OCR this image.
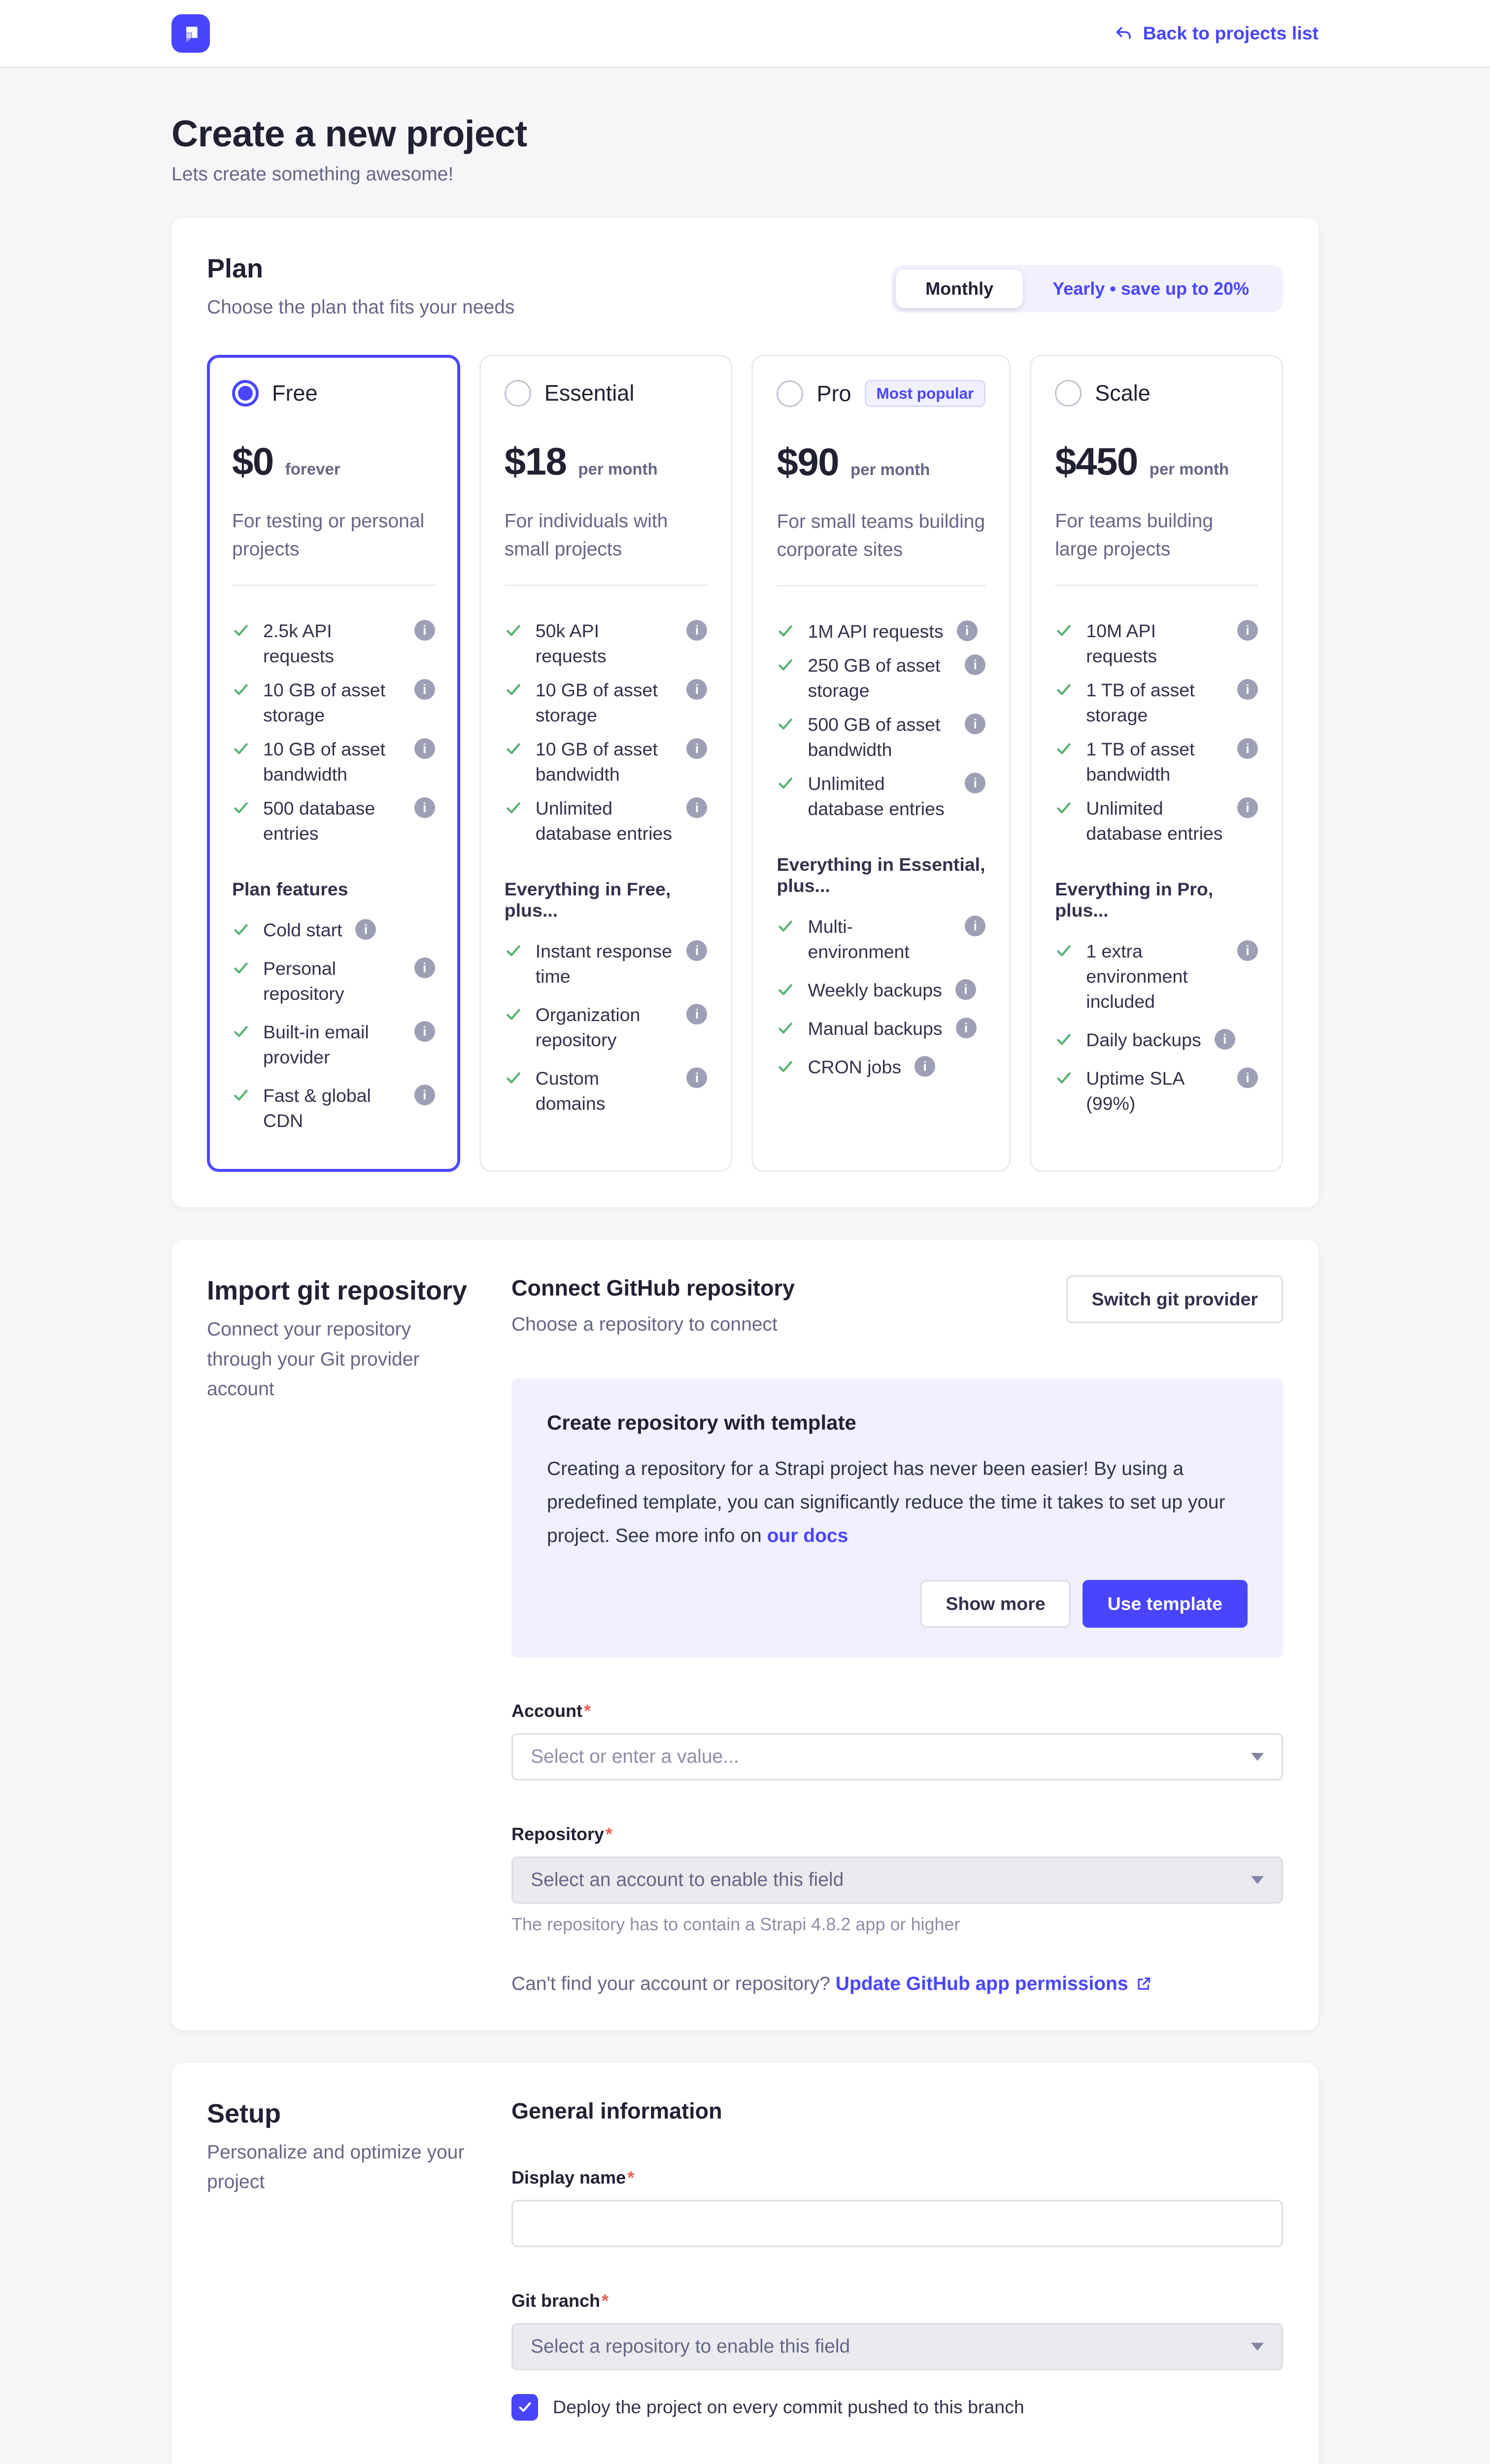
Back to projects list
Create a new project

Lets create something awesome!

Plan

Choose the plan that fits your needs

Monthly	Yearly • save up to 20%
Free
$0 forever
For testing or personal projects
2.5k API requests
i
10 GB of asset storage
i
10 GB of asset bandwidth
i
500 database entries
i
Plan features
Cold start
i
Personal repository
i
Built-in email provider
i
Fast & global CDN
i
Essential
$18 per month
For individuals with small projects
50k API requests
i
10 GB of asset storage
i
10 GB of asset bandwidth
i
Unlimited database entries
i
Everything in Free, plus...
Instant response time
i
Organization repository
i
Custom domains
i
Pro	Most popular
$90 per month
For small teams building corporate sites
1M API requests
i
250 GB of asset storage
i
500 GB of asset bandwidth
i
Unlimited database entries
i
Everything in Essential, plus...
Multi-environment
i
Weekly backups
i
Manual backups
i
CRON jobs
i
Scale
$450 per month
For teams building large projects
10M API requests
i
1 TB of asset storage
i
1 TB of asset bandwidth
i
Unlimited database entries
i
Everything in Pro, plus...
1 extra environment included
i
Daily backups
i
Uptime SLA (99%)
i
Import git repository

Connect your repository through your Git provider account

Connect GitHub repository

Choose a repository to connect

Switch git provider
Create repository with template

Creating a repository for a Strapi project has never been easier! By using a predefined template, you can significantly reduce the time it takes to set up your project. See more info on our docs

Show more	Use template
Account *
Select or enter a value...
Repository *
Select an account to enable this field

The repository has to contain a Strapi 4.8.2 app or higher

Can't find your account or repository? Update GitHub app permissions

Setup

Personalize and optimize your project

General information
Display name *
Git branch *
Select a repository to enable this field
Deploy the project on every commit pushed to this branch
